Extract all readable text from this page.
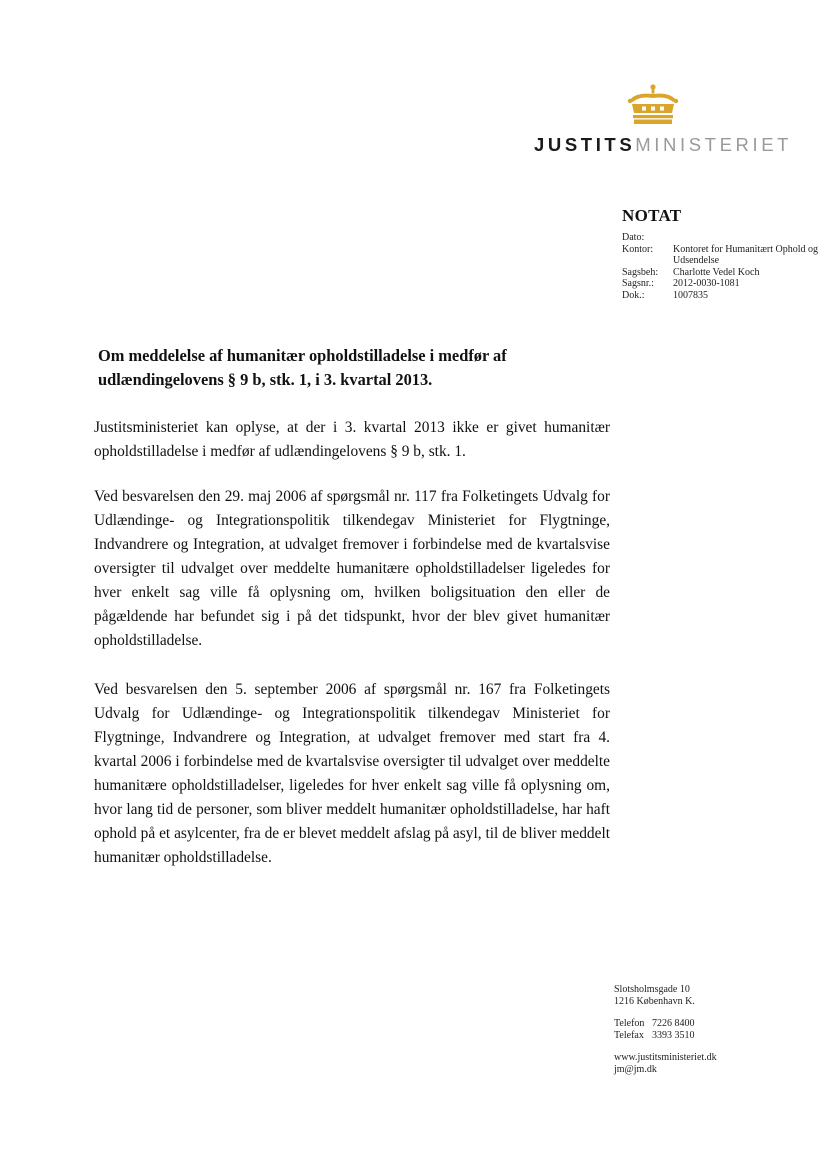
JUSTITSMINISTERIET
NOTAT
Dato:
Kontor:	Kontoret for Humanitært Ophold og Udsendelse
Sagsbeh:	Charlotte Vedel Koch
Sagsnr.:	2012-0030-1081
Dok.:	1007835
Om meddelelse af humanitær opholdstilladelse i medfør af udlændingelovens § 9 b, stk. 1, i 3. kvartal 2013.

Justitsministeriet kan oplyse, at der i 3. kvartal 2013 ikke er givet humanitær opholdstilladelse i medfør af udlændingelovens § 9 b, stk. 1.

Ved besvarelsen den 29. maj 2006 af spørgsmål nr. 117 fra Folketingets Udvalg for Udlændinge- og Integrationspolitik tilkendegav Ministeriet for Flygtninge, Indvandrere og Integration, at udvalget fremover i forbindelse med de kvartalsvise oversigter til udvalget over meddelte humanitære opholdstilladelser ligeledes for hver enkelt sag ville få oplysning om, hvilken boligsituation den eller de pågældende har befundet sig i på det tidspunkt, hvor der blev givet humanitær opholdstilladelse.

Ved besvarelsen den 5. september 2006 af spørgsmål nr. 167 fra Folketingets Udvalg for Udlændinge- og Integrationspolitik tilkendegav Ministeriet for Flygtninge, Indvandrere og Integration, at udvalget fremover med start fra 4. kvartal 2006 i forbindelse med de kvartalsvise oversigter til udvalget over meddelte humanitære opholdstilladelser, ligeledes for hver enkelt sag ville få oplysning om, hvor lang tid de personer, som bliver meddelt humanitær opholdstilladelse, har haft ophold på et asylcenter, fra de er blevet meddelt afslag på asyl, til de bliver meddelt humanitær opholdstilladelse.

Slotsholmsgade 10
1216 København K.
Telefon 7226 8400
Telefax 3393 3510
www.justitsministeriet.dk
jm@jm.dk
